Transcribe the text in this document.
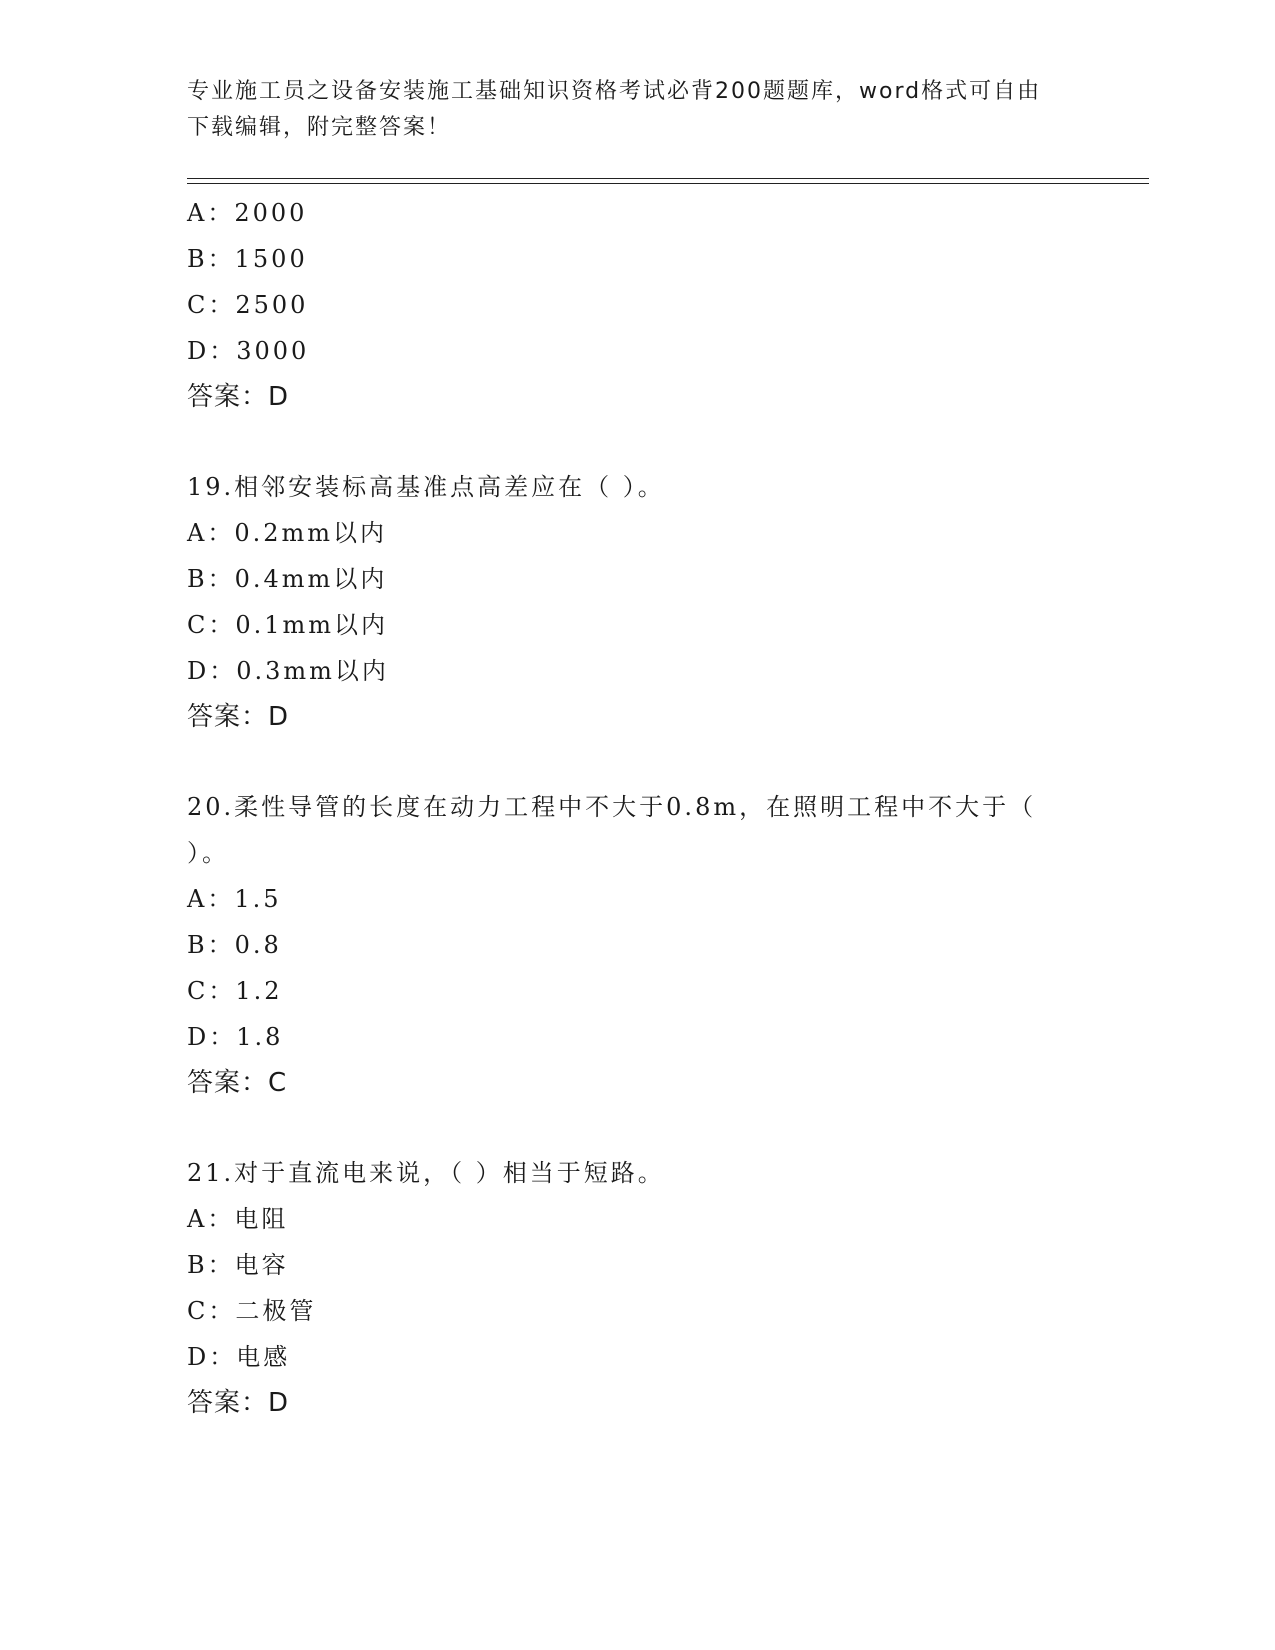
专业施工员之设备安装施工基础知识资格考试必背200题题库，word格式可自由
下载编辑，附完整答案！
A：2000
B：1500
C：2500
D：3000
答案：D
19.相邻安装标高基准点高差应在（ ）。
A：0.2mm以内
B：0.4mm以内
C：0.1mm以内
D：0.3mm以内
答案：D
20.柔性导管的长度在动力工程中不大于0.8m，在照明工程中不大于（
）。
A：1.5
B：0.8
C：1.2
D：1.8
答案：C
21.对于直流电来说，（ ）相当于短路。
A：电阻
B：电容
C：二极管
D：电感
答案：D
